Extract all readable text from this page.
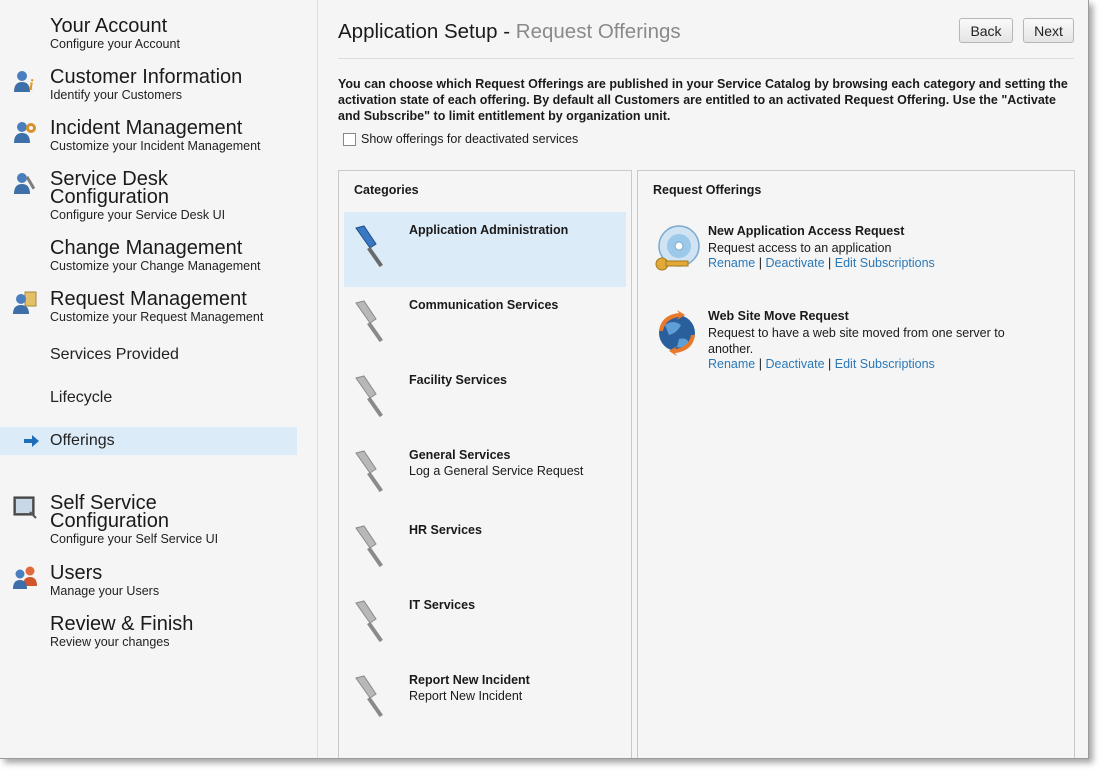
Your Account
Configure your Account
i Customer Information
Identify your Customers
Incident Management
Customize your Incident Management
Service Desk
Configuration
Configure your Service Desk UI
Change Management
Customize your Change Management
Request Management
Customize your Request Management
Services Provided
Lifecycle
Offerings
Self Service
Configuration
Configure your Self Service UI
Users
Manage your Users
Review & Finish
Review your changes
Application Setup - Request Offerings	Back	Next
You can choose which Request Offerings are published in your Service Catalog by browsing each category and setting the activation state of each offering. By default all Customers are entitled to an activated Request Offering. Use the "Activate and Subscribe" to limit entitlement by organization unit.
Show offerings for deactivated services
Categories
Application Administration
Communication Services
Facility Services
General Services
Log a General Service Request
HR Services
IT Services
Report New Incident
Report New Incident
Request Offerings
New Application Access Request
Request access to an application
Rename | Deactivate | Edit Subscriptions
Web Site Move Request
Request to have a web site moved from one server to another.
Rename | Deactivate | Edit Subscriptions
